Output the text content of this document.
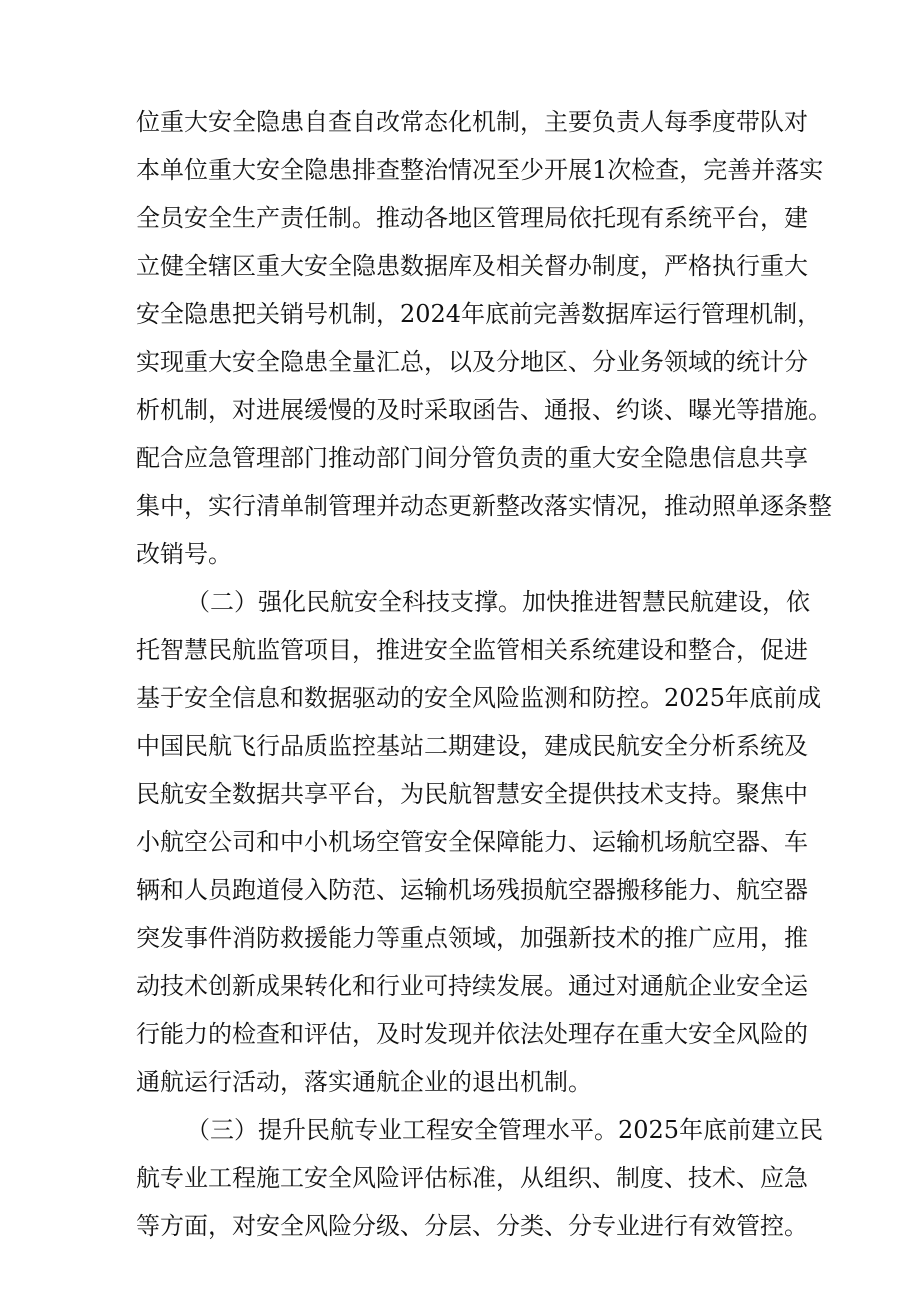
位重大安全隐患自查自改常态化机制，主要负责人每季度带队对
本单位重大安全隐患排查整治情况至少开展1次检查，完善并落实
全员安全生产责任制。推动各地区管理局依托现有系统平台，建
立健全辖区重大安全隐患数据库及相关督办制度，严格执行重大
安全隐患把关销号机制，2024年底前完善数据库运行管理机制，
实现重大安全隐患全量汇总，以及分地区、分业务领域的统计分
析机制，对进展缓慢的及时采取函告、通报、约谈、曝光等措施。
配合应急管理部门推动部门间分管负责的重大安全隐患信息共享
集中，实行清单制管理并动态更新整改落实情况，推动照单逐条整
改销号。
（二）强化民航安全科技支撑。加快推进智慧民航建设，依
托智慧民航监管项目，推进安全监管相关系统建设和整合，促进
基于安全信息和数据驱动的安全风险监测和防控。2025年底前成
中国民航飞行品质监控基站二期建设，建成民航安全分析系统及
民航安全数据共享平台，为民航智慧安全提供技术支持。聚焦中
小航空公司和中小机场空管安全保障能力、运输机场航空器、车
辆和人员跑道侵入防范、运输机场残损航空器搬移能力、航空器
突发事件消防救援能力等重点领域，加强新技术的推广应用，推
动技术创新成果转化和行业可持续发展。通过对通航企业安全运
行能力的检查和评估，及时发现并依法处理存在重大安全风险的
通航运行活动，落实通航企业的退出机制。
（三）提升民航专业工程安全管理水平。2025年底前建立民
航专业工程施工安全风险评估标准，从组织、制度、技术、应急
等方面，对安全风险分级、分层、分类、分专业进行有效管控。
